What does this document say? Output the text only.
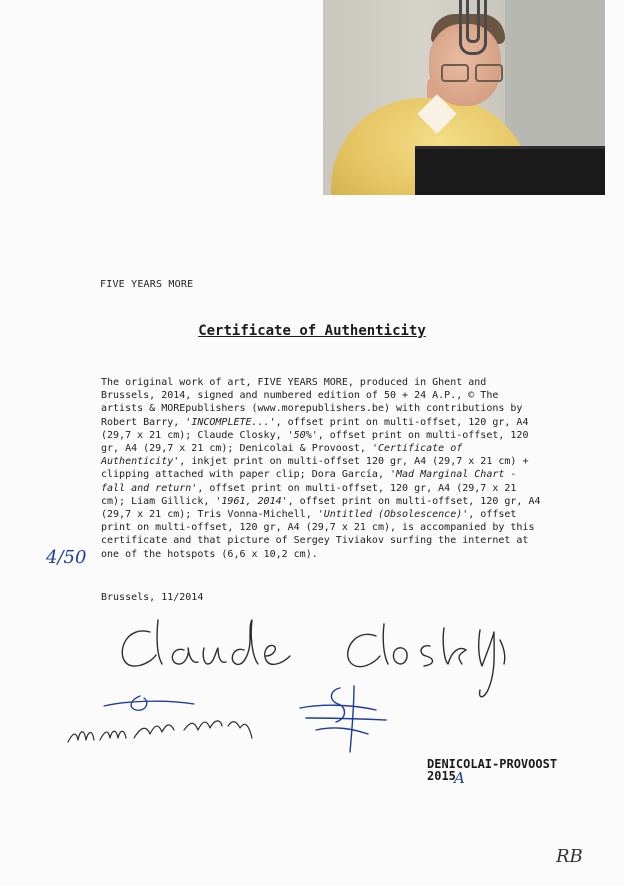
FIVE YEARS MORE
Certificate of Authenticity
The original work of art, FIVE YEARS MORE, produced in Ghent and Brussels, 2014, signed and numbered edition of 50 + 24 A.P., © The artists & MOREpublishers (www.morepublishers.be) with contributions by Robert Barry, 'INCOMPLETE...', offset print on multi-offset, 120 gr, A4 (29,7 x 21 cm); Claude Closky, '50%', offset print on multi-offset, 120 gr, A4 (29,7 x 21 cm); Denicolai & Provoost, 'Certificate of Authenticity', inkjet print on multi-offset 120 gr, A4 (29,7 x 21 cm) + clipping attached with paper clip; Dora García, 'Mad Marginal Chart - fall and return', offset print on multi-offset, 120 gr, A4 (29,7 x 21 cm); Liam Gillick, '1961, 2014', offset print on multi-offset, 120 gr, A4 (29,7 x 21 cm); Tris Vonna-Michell, 'Untitled (Obsolescence)', offset print on multi-offset, 120 gr, A4 (29,7 x 21 cm), is accompanied by this certificate and that picture of Sergey Tiviakov surfing the internet at one of the hotspots (6,6 x 10,2 cm).
4/50
Brussels, 11/2014
DENICOLAI-PROVOOST
2015
A
RB
